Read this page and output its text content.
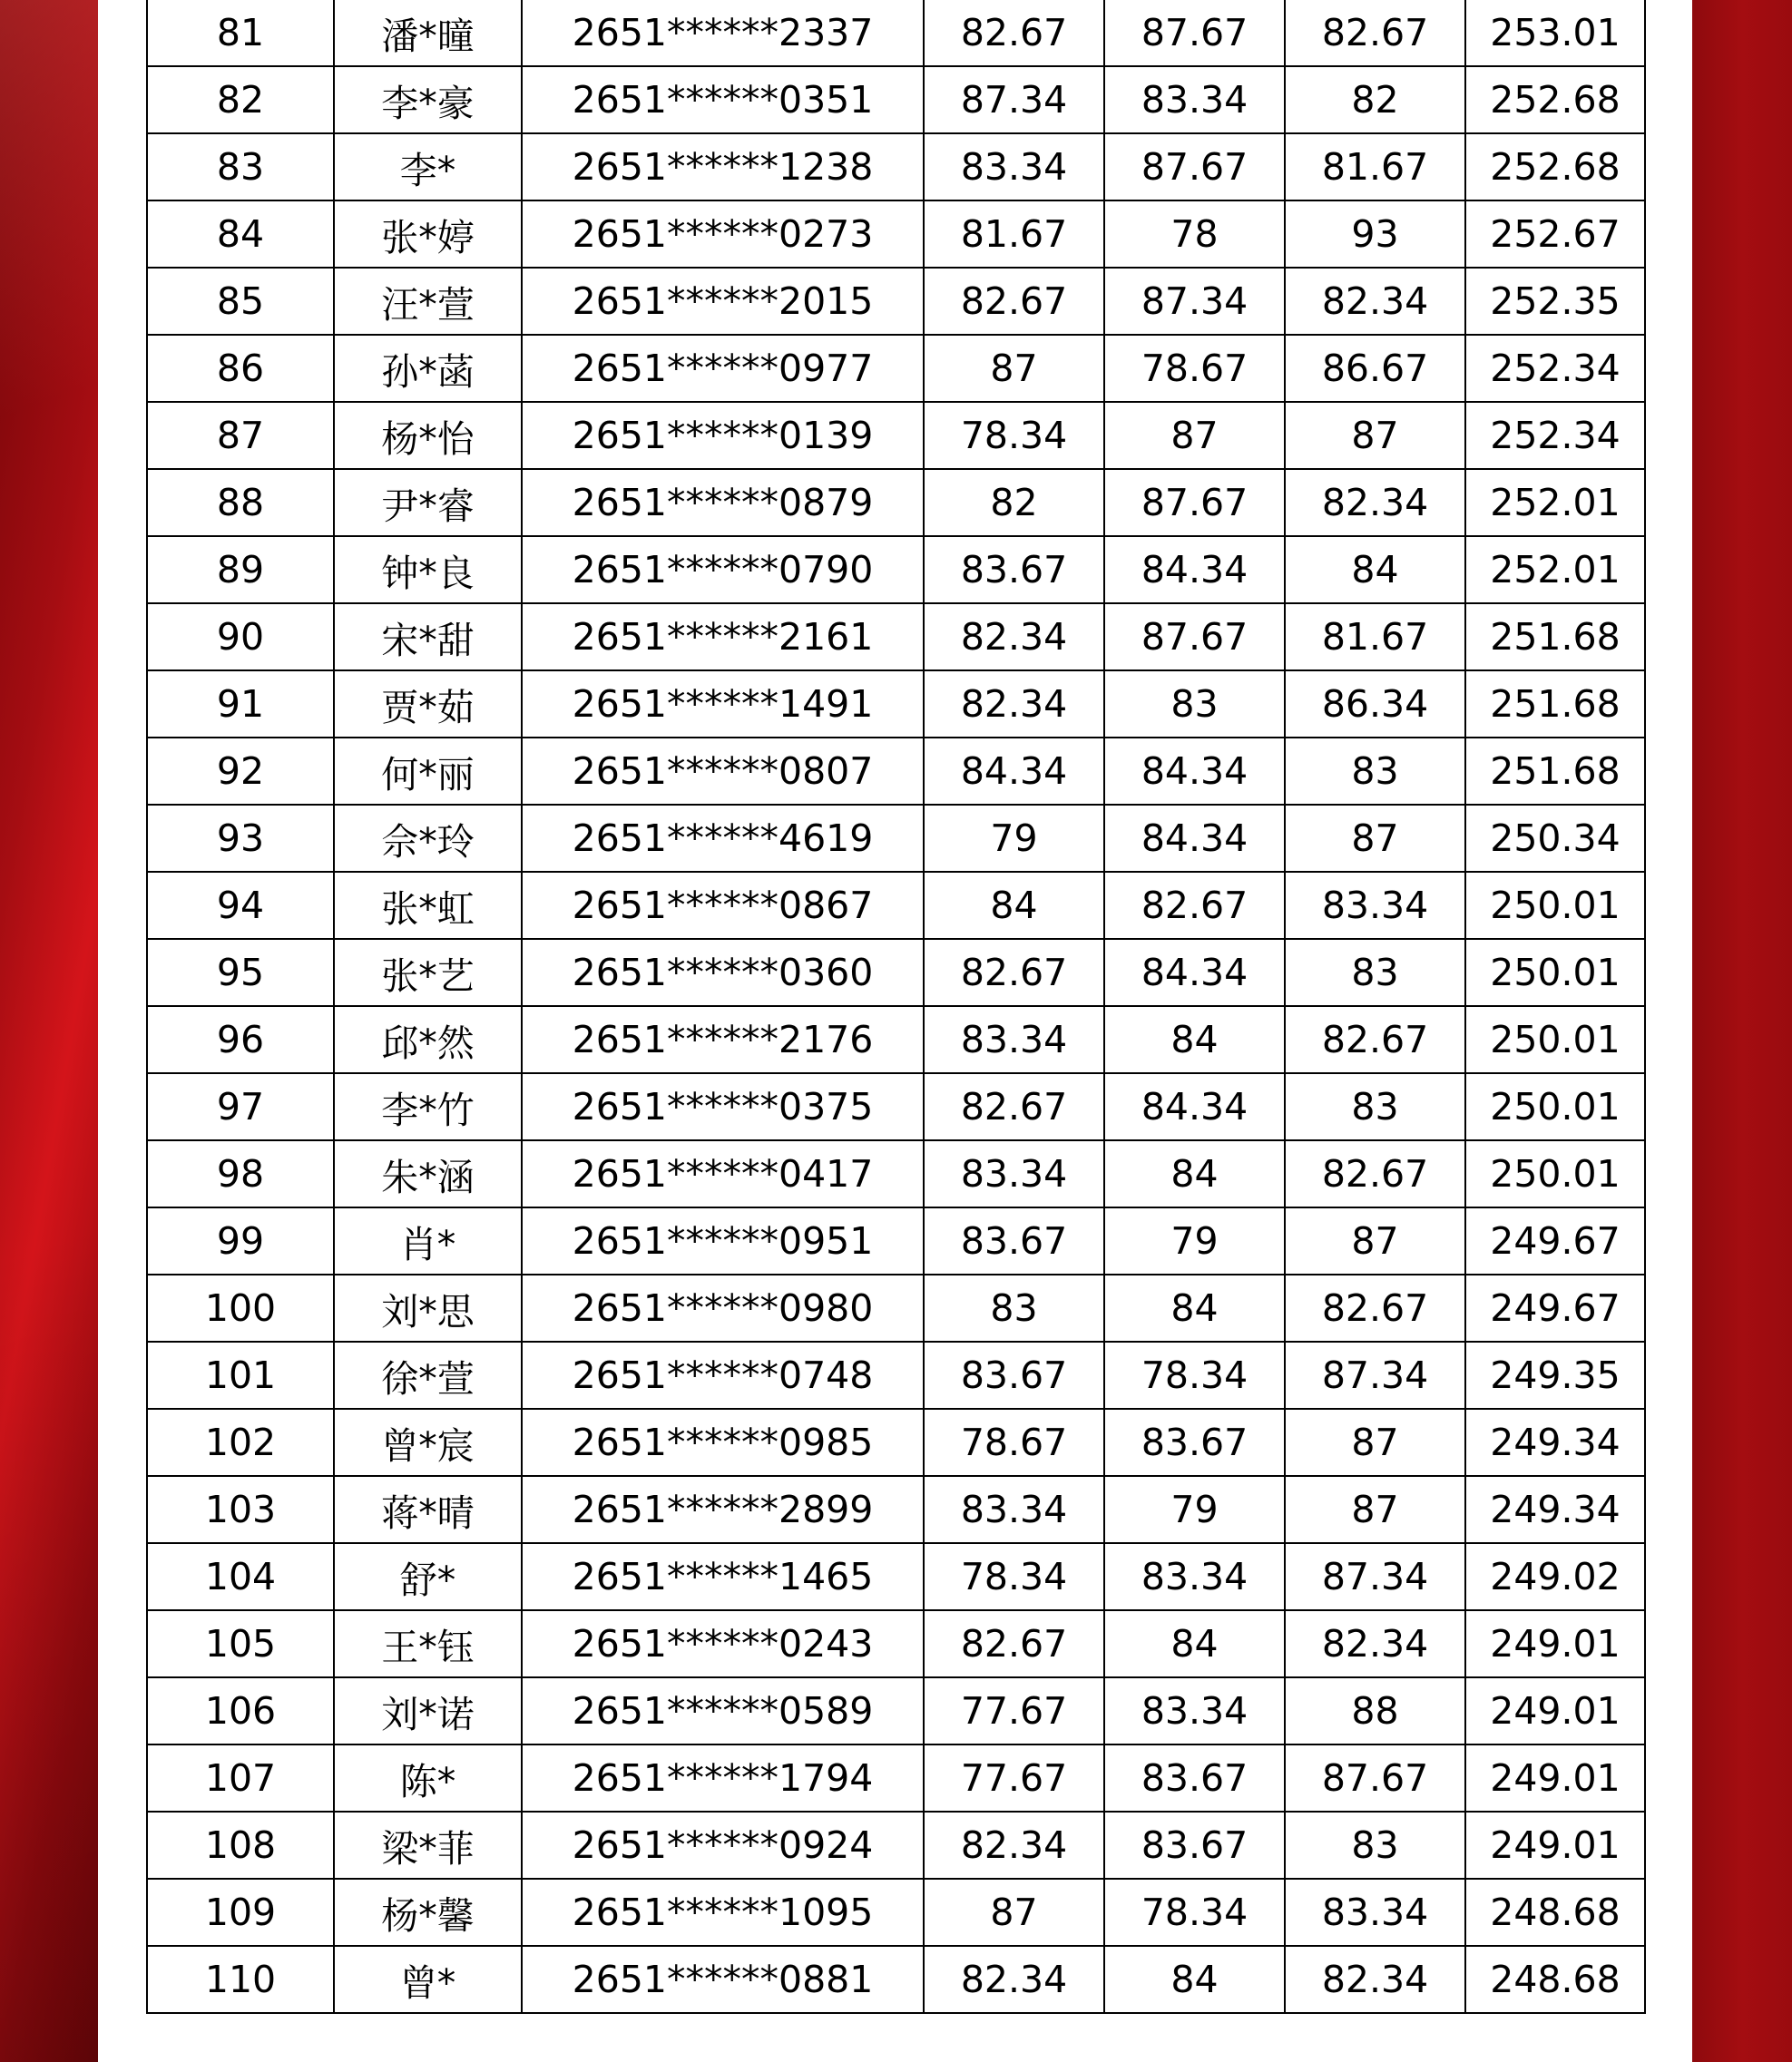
81	潘*曈	2651******2337	82.67	87.67	82.67	253.01
82	李*豪	2651******0351	87.34	83.34	82	252.68
83	李*	2651******1238	83.34	87.67	81.67	252.68
84	张*婷	2651******0273	81.67	78	93	252.67
85	汪*萱	2651******2015	82.67	87.34	82.34	252.35
86	孙*菡	2651******0977	87	78.67	86.67	252.34
87	杨*怡	2651******0139	78.34	87	87	252.34
88	尹*睿	2651******0879	82	87.67	82.34	252.01
89	钟*良	2651******0790	83.67	84.34	84	252.01
90	宋*甜	2651******2161	82.34	87.67	81.67	251.68
91	贾*茹	2651******1491	82.34	83	86.34	251.68
92	何*丽	2651******0807	84.34	84.34	83	251.68
93	佘*玲	2651******4619	79	84.34	87	250.34
94	张*虹	2651******0867	84	82.67	83.34	250.01
95	张*艺	2651******0360	82.67	84.34	83	250.01
96	邱*然	2651******2176	83.34	84	82.67	250.01
97	李*竹	2651******0375	82.67	84.34	83	250.01
98	朱*涵	2651******0417	83.34	84	82.67	250.01
99	肖*	2651******0951	83.67	79	87	249.67
100	刘*思	2651******0980	83	84	82.67	249.67
101	徐*萱	2651******0748	83.67	78.34	87.34	249.35
102	曾*宸	2651******0985	78.67	83.67	87	249.34
103	蒋*晴	2651******2899	83.34	79	87	249.34
104	舒*	2651******1465	78.34	83.34	87.34	249.02
105	王*钰	2651******0243	82.67	84	82.34	249.01
106	刘*诺	2651******0589	77.67	83.34	88	249.01
107	陈*	2651******1794	77.67	83.67	87.67	249.01
108	梁*菲	2651******0924	82.34	83.67	83	249.01
109	杨*馨	2651******1095	87	78.34	83.34	248.68
110	曾*	2651******0881	82.34	84	82.34	248.68
